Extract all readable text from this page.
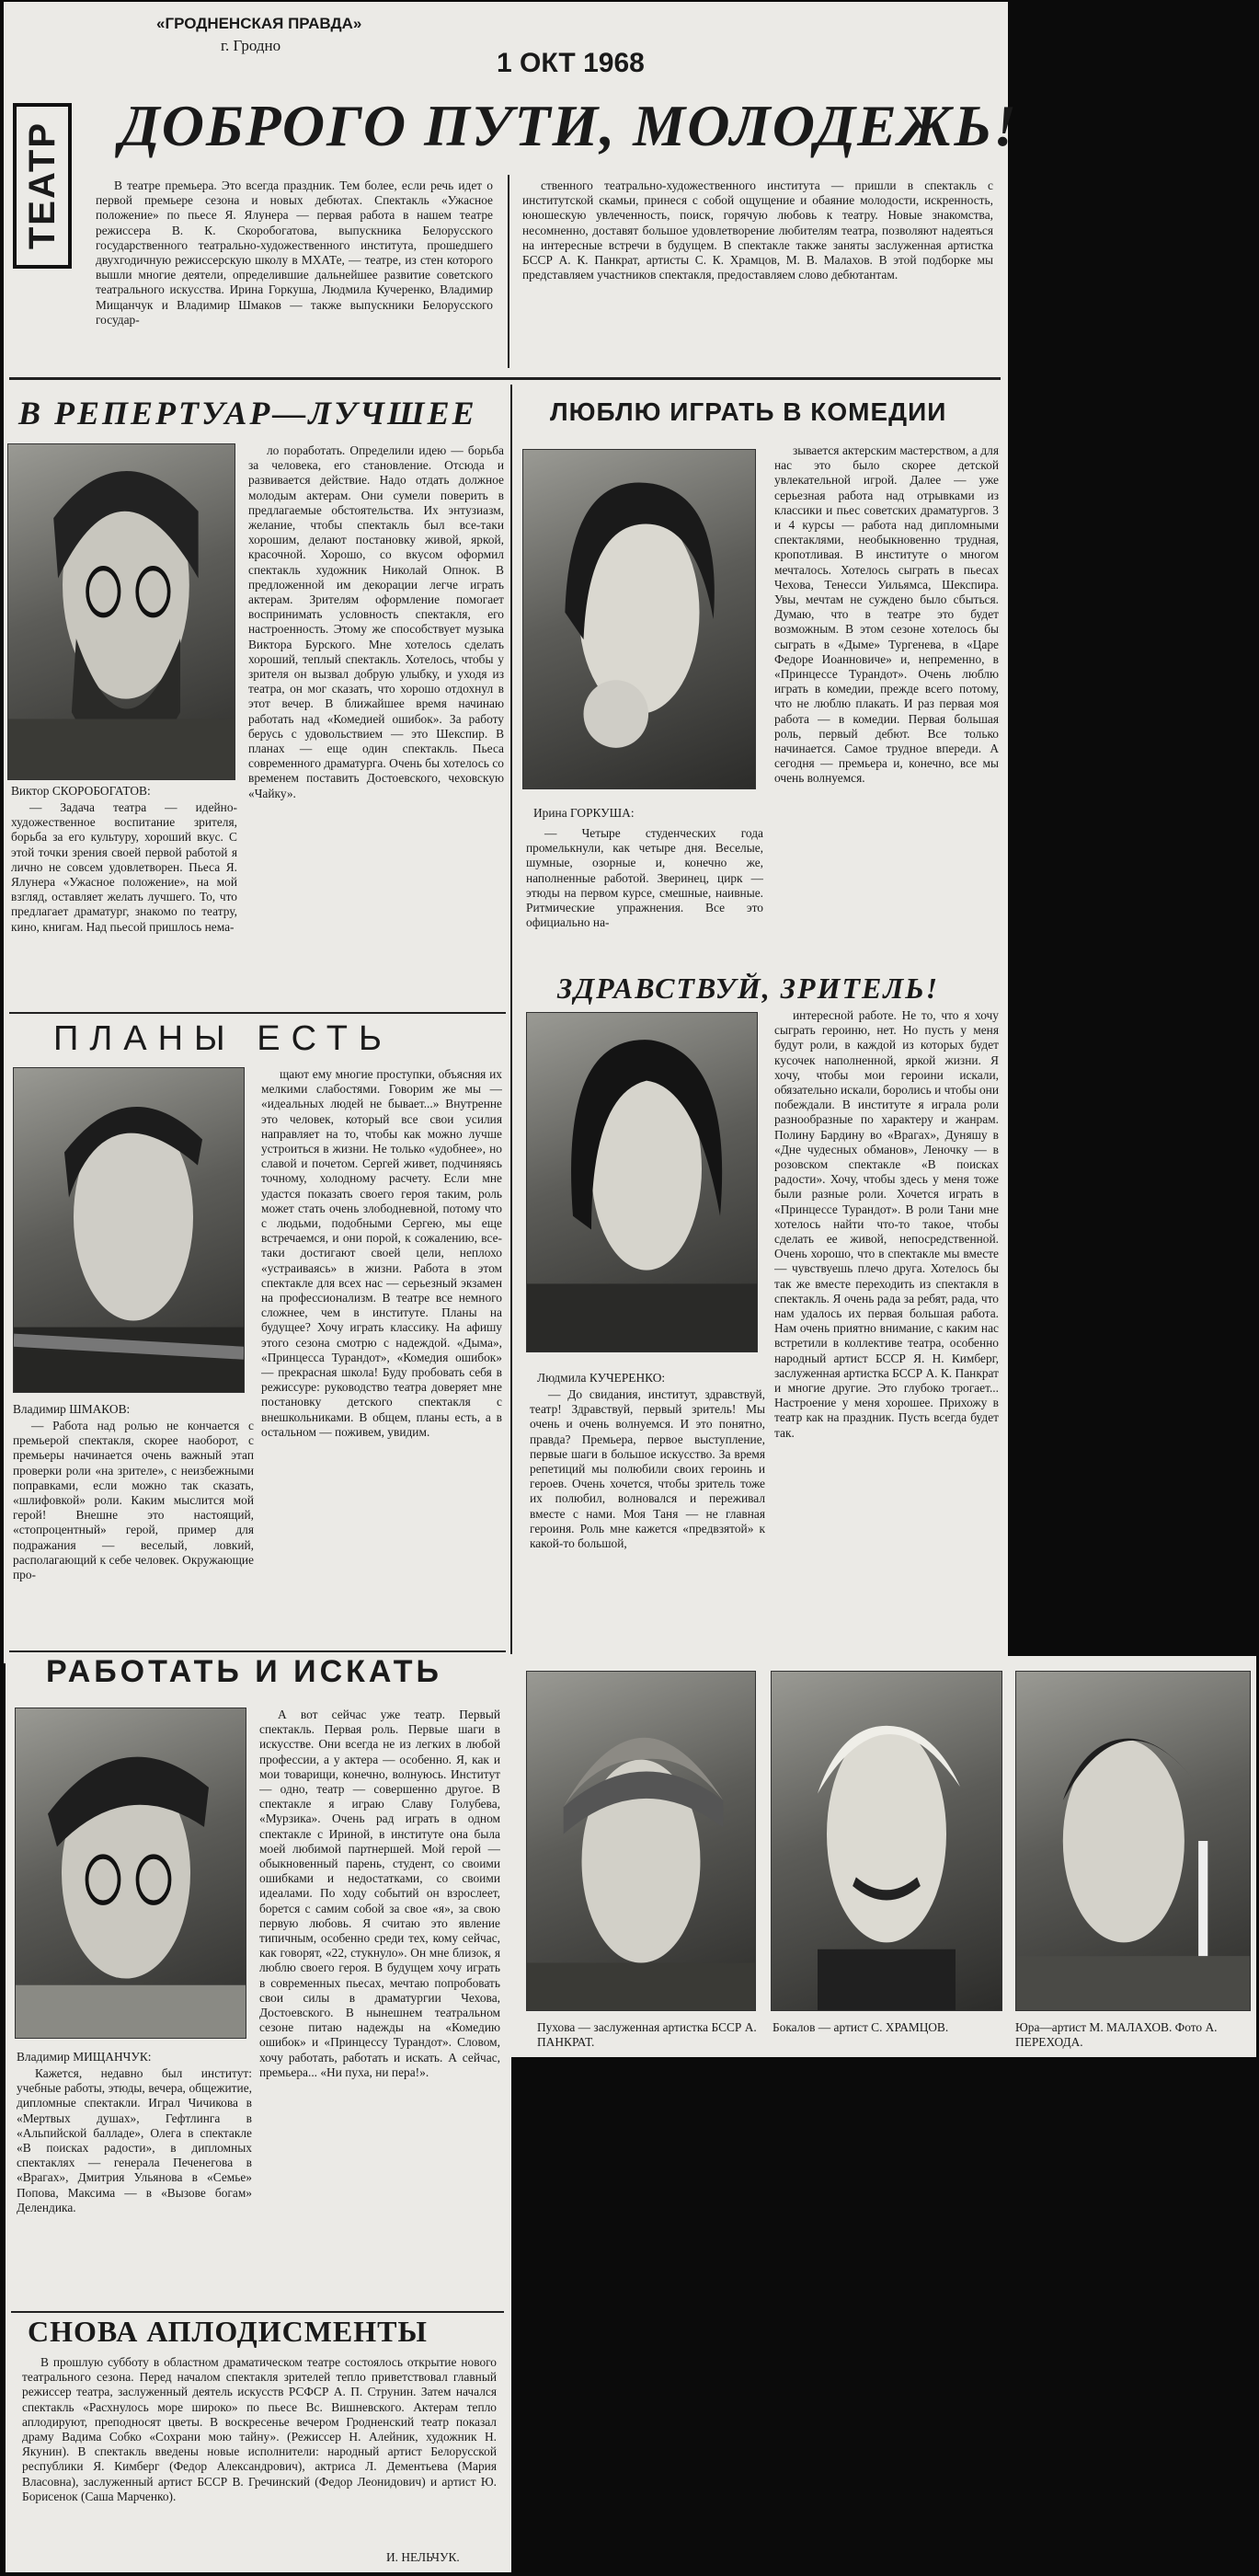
«ГРОДНЕНСКАЯ ПРАВДА»
г. Гродно
1 ОКТ 1968
ТЕАТР ДОБРОГО ПУТИ, МОЛОДЕЖЬ!

В театре премьера. Это всегда праздник. Тем более, если речь идет о первой премьере сезона и новых дебютах. Спектакль «Ужасное положение» по пьесе Я. Ялунера — первая работа в нашем театре режиссера В. К. Скоробогатова, выпускника Белорусского государственного театрально-художественного института, прошедшего двухгодичную режиссерскую школу в МХАТе, — театре, из стен которого вышли многие деятели, определившие дальнейшее развитие советского театрального искусства. Ирина Горкуша, Людмила Кучеренко, Владимир Мищанчук и Владимир Шмаков — также выпускники Белорусского государ-

ственного театрально-художественного института — пришли в спектакль с институтской скамьи, принеся с собой ощущение и обаяние молодости, искренность, юношескую увлеченность, поиск, горячую любовь к театру. Новые знакомства, несомненно, доставят большое удовлетворение любителям театра, позволяют надеяться на интересные встречи в будущем. В спектакле также заняты заслуженная артистка БССР А. К. Панкрат, артисты С. К. Храмцов, М. В. Малахов. В этой подборке мы представляем участников спектакля, предоставляем слово дебютантам.

В РЕПЕРТУАР—ЛУЧШЕЕ
Виктор СКОРОБОГАТОВ:

— Задача театра — идейно-художественное воспитание зрителя, борьба за его культуру, хороший вкус. С этой точки зрения своей первой работой я лично не совсем удовлетворен. Пьеса Я. Ялунера «Ужасное положение», на мой взгляд, оставляет желать лучшего. То, что предлагает драматург, знакомо по театру, кино, книгам. Над пьесой пришлось нема-

ло поработать. Определили идею — борьба за человека, его становление. Отсюда и развивается действие. Надо отдать должное молодым актерам. Они сумели поверить в предлагаемые обстоятельства. Их энтузиазм, желание, чтобы спектакль был все-таки хорошим, делают постановку живой, яркой, красочной. Хорошо, со вкусом оформил спектакль художник Николай Опнок. В предложенной им декорации легче играть актерам. Зрителям оформление помогает воспринимать условность спектакля, его настроенность. Этому же способствует музыка Виктора Бурского. Мне хотелось сделать хороший, теплый спектакль. Хотелось, чтобы у зрителя он вызвал добрую улыбку, и уходя из театра, он мог сказать, что хорошо отдохнул в этот вечер. В ближайшее время начинаю работать над «Комедией ошибок». За работу берусь с удовольствием — это Шекспир. В планах — еще один спектакль. Пьеса современного драматурга. Очень бы хотелось со временем поставить Достоевского, чеховскую «Чайку».

ПЛАНЫ ЕСТЬ
Владимир ШМАКОВ:

— Работа над ролью не кончается с премьерой спектакля, скорее наоборот, с премьеры начинается очень важный этап проверки роли «на зрителе», с неизбежными поправками, если можно так сказать, «шлифовкой» роли. Каким мыслится мой герой! Внешне это настоящий, «стопроцентный» герой, пример для подражания — веселый, ловкий, располагающий к себе человек. Окружающие про-

щают ему многие проступки, объясняя их мелкими слабостями. Говорим же мы — «идеальных людей не бывает...» Внутренне это человек, который все свои усилия направляет на то, чтобы как можно лучше устроиться в жизни. Не только «удобнее», но славой и почетом. Сергей живет, подчиняясь точному, холодному расчету. Если мне удастся показать своего героя таким, роль может стать очень злободневной, потому что с людьми, подобными Сергею, мы еще встречаемся, и они порой, к сожалению, все-таки достигают своей цели, неплохо «устраиваясь» в жизни. Работа в этом спектакле для всех нас — серьезный экзамен на профессионализм. В театре все немного сложнее, чем в институте. Планы на будущее? Хочу играть классику. На афишу этого сезона смотрю с надеждой. «Дыма», «Принцесса Турандот», «Комедия ошибок» — прекрасная школа! Буду пробовать себя в режиссуре: руководство театра доверяет мне постановку детского спектакля с внешкольниками. В общем, планы есть, а в остальном — поживем, увидим.

РАБОТАТЬ И ИСКАТЬ
Владимир МИЩАНЧУК:

Кажется, недавно был институт: учебные работы, этюды, вечера, общежитие, дипломные спектакли. Играл Чичикова в «Мертвых душах», Гефтлинга в «Альпийской балладе», Олега в спектакле «В поисках радости», в дипломных спектаклях — генерала Печенегова в «Врагах», Дмитрия Ульянова в «Семье» Попова, Максима — в «Вызове богам» Делендика.

А вот сейчас уже театр. Первый спектакль. Первая роль. Первые шаги в искусстве. Они всегда не из легких в любой профессии, а у актера — особенно. Я, как и мои товарищи, конечно, волнуюсь. Институт — одно, театр — совершенно другое. В спектакле я играю Славу Голубева, «Мурзика». Очень рад играть в одном спектакле с Ириной, в институте она была моей любимой партнершей. Мой герой — обыкновенный парень, студент, со своими ошибками и недостатками, со своими идеалами. По ходу событий он взрослеет, борется с самим собой за свое «я», за свою первую любовь. Я считаю это явление типичным, особенно среди тех, кому сейчас, как говорят, «22, стукнуло». Он мне близок, я люблю своего героя. В будущем хочу играть в современных пьесах, мечтаю попробовать свои силы в драматургии Чехова, Достоевского. В нынешнем театральном сезоне питаю надежды на «Комедию ошибок» и «Принцессу Турандот». Словом, хочу работать, работать и искать. А сейчас, премьера... «Ни пуха, ни пера!».

ЛЮБЛЮ ИГРАТЬ В КОМЕДИИ
Ирина ГОРКУША:

— Четыре студенческих года промелькнули, как четыре дня. Веселые, шумные, озорные и, конечно же, наполненные работой. Зверинец, цирк — этюды на первом курсе, смешные, наивные. Ритмические упражнения. Все это официально на-

зывается актерским мастерством, а для нас это было скорее детской увлекательной игрой. Далее — уже серьезная работа над отрывками из классики и пьес советских драматургов. 3 и 4 курсы — работа над дипломными спектаклями, необыкновенно трудная, кропотливая. В институте о многом мечталось. Хотелось сыграть в пьесах Чехова, Тенесси Уильямса, Шекспира. Увы, мечтам не суждено было сбыться. Думаю, что в театре это будет возможным. В этом сезоне хотелось бы сыграть в «Дыме» Тургенева, в «Царе Федоре Иоанновиче» и, непременно, в «Принцессе Турандот». Очень люблю играть в комедии, прежде всего потому, что не люблю плакать. И раз первая моя работа — в комедии. Первая большая роль, первый дебют. Все только начинается. Самое трудное впереди. А сегодня — премьера и, конечно, все мы очень волнуемся.

ЗДРАВСТВУЙ, ЗРИТЕЛЬ!
Людмила КУЧЕРЕНКО:

— До свидания, институт, здравствуй, театр! Здравствуй, первый зритель! Мы очень и очень волнуемся. И это понятно, правда? Премьера, первое выступление, первые шаги в большое искусство. За время репетиций мы полюбили своих героинь и героев. Очень хочется, чтобы зритель тоже их полюбил, волновался и переживал вместе с нами. Моя Таня — не главная героиня. Роль мне кажется «предвзятой» к какой-то большой,

интересной работе. Не то, что я хочу сыграть героиню, нет. Но пусть у меня будут роли, в каждой из которых будет кусочек наполненной, яркой жизни. Я хочу, чтобы мои героини искали, обязательно искали, боролись и чтобы они побеждали. В институте я играла роли разнообразные по характеру и жанрам. Полину Бардину во «Врагах», Дуняшу в «Дне чудесных обманов», Леночку — в розовском спектакле «В поисках радости». Хочу, чтобы здесь у меня тоже были разные роли. Хочется играть в «Принцессе Турандот». В роли Тани мне хотелось найти что-то такое, чтобы сделать ее живой, непосредственной. Очень хорошо, что в спектакле мы вместе — чувствуешь плечо друга. Хотелось бы так же вместе переходить из спектакля в спектакль. Я очень рада за ребят, рада, что нам удалось их первая большая работа. Нам очень приятно внимание, с каким нас встретили в коллективе театра, особенно народный артист БССР Я. Н. Кимберг, заслуженная артистка БССР А. К. Панкрат и многие другие. Это глубоко трогает... Настроение у меня хорошее. Прихожу в театр как на праздник. Пусть всегда будет так.

Пухова — заслуженная артистка БССР А. ПАНКРАТ.
Бокалов — артист С. ХРАМЦОВ.	Юра—артист М. МАЛАХОВ. Фото А. ПЕРЕХОДА.
СНОВА АПЛОДИСМЕНТЫ

В прошлую субботу в областном драматическом театре состоялось открытие нового театрального сезона. Перед началом спектакля зрителей тепло приветствовал главный режиссер театра, заслуженный деятель искусств РСФСР А. П. Струнин. Затем начался спектакль «Расхнулось море широко» по пьесе Вс. Вишневского. Актерам тепло аплодируют, преподносят цветы. В воскресенье вечером Гродненский театр показал драму Вадима Собко «Сохрани мою тайну». (Режиссер Н. Алейник, художник Н. Якунин). В спектакль введены новые исполнители: народный артист Белорусской республики Я. Кимберг (Федор Александрович), актриса Л. Дементьева (Мария Власовна), заслуженный артист БССР В. Гречинский (Федор Леонидович) и артист Ю. Борисенок (Саша Марченко).

И. НЕЛЬЧУК.
